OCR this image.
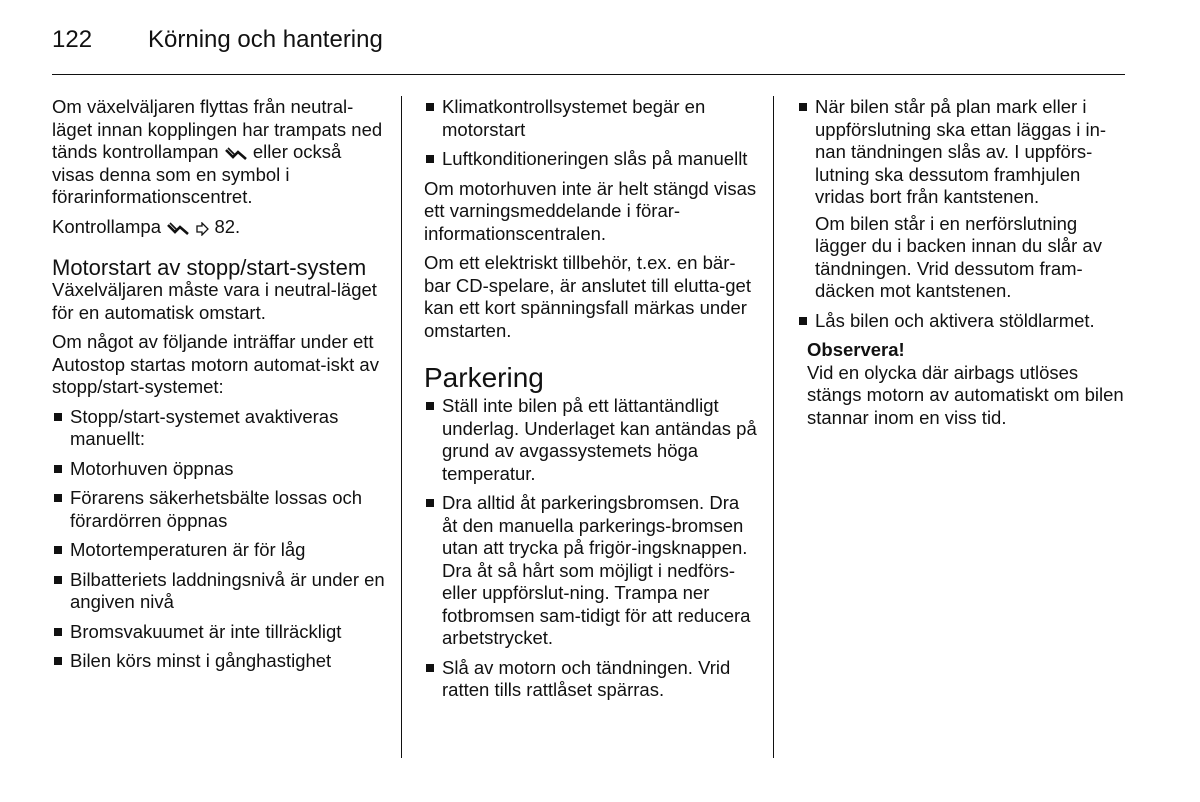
122 Körning och hantering

Om växelväljaren flyttas från neutral-läget innan kopplingen har trampats ned tänds kontrollampan eller också visas denna som en symbol i förarinformationscentret.

Kontrollampa	82.

Motorstart av stopp/start-system

Växelväljaren måste vara i neutral-läget för en automatisk omstart.

Om något av följande inträffar under ett Autostop startas motorn automat-iskt av stopp/start-systemet:

Stopp/start-systemet avaktiveras manuellt:
Motorhuven öppnas
Förarens säkerhetsbälte lossas och förardörren öppnas
Motortemperaturen är för låg
Bilbatteriets laddningsnivå är under en angiven nivå
Bromsvakuumet är inte tillräckligt
Bilen körs minst i gånghastighet
Klimatkontrollsystemet begär en motorstart
Luftkonditioneringen slås på manuellt

Om motorhuven inte är helt stängd visas ett varningsmeddelande i förar-informationscentralen.

Om ett elektriskt tillbehör, t.ex. en bär-bar CD-spelare, är anslutet till elutta-get kan ett kort spänningsfall märkas under omstarten.

Parkering
Ställ inte bilen på ett lättantändligt underlag. Underlaget kan antändas på grund av avgassystemets höga temperatur.
Dra alltid åt parkeringsbromsen. Dra åt den manuella parkerings-bromsen utan att trycka på frigör-ingsknappen. Dra åt så hårt som möjligt i nedförs- eller uppförslut-ning. Trampa ner fotbromsen sam-tidigt för att reducera arbetstrycket.
Slå av motorn och tändningen. Vrid ratten tills rattlåset spärras.
När bilen står på plan mark eller i uppförslutning ska ettan läggas i in-nan tändningen slås av. I uppförs-lutning ska dessutom framhjulen vridas bort från kantstenen.

Om bilen står i en nerförslutning lägger du i backen innan du slår av tändningen. Vrid dessutom fram-däcken mot kantstenen.

Lås bilen och aktivera stöldlarmet.
Observera!
Vid en olycka där airbags utlöses stängs motorn av automatiskt om bilen stannar inom en viss tid.
